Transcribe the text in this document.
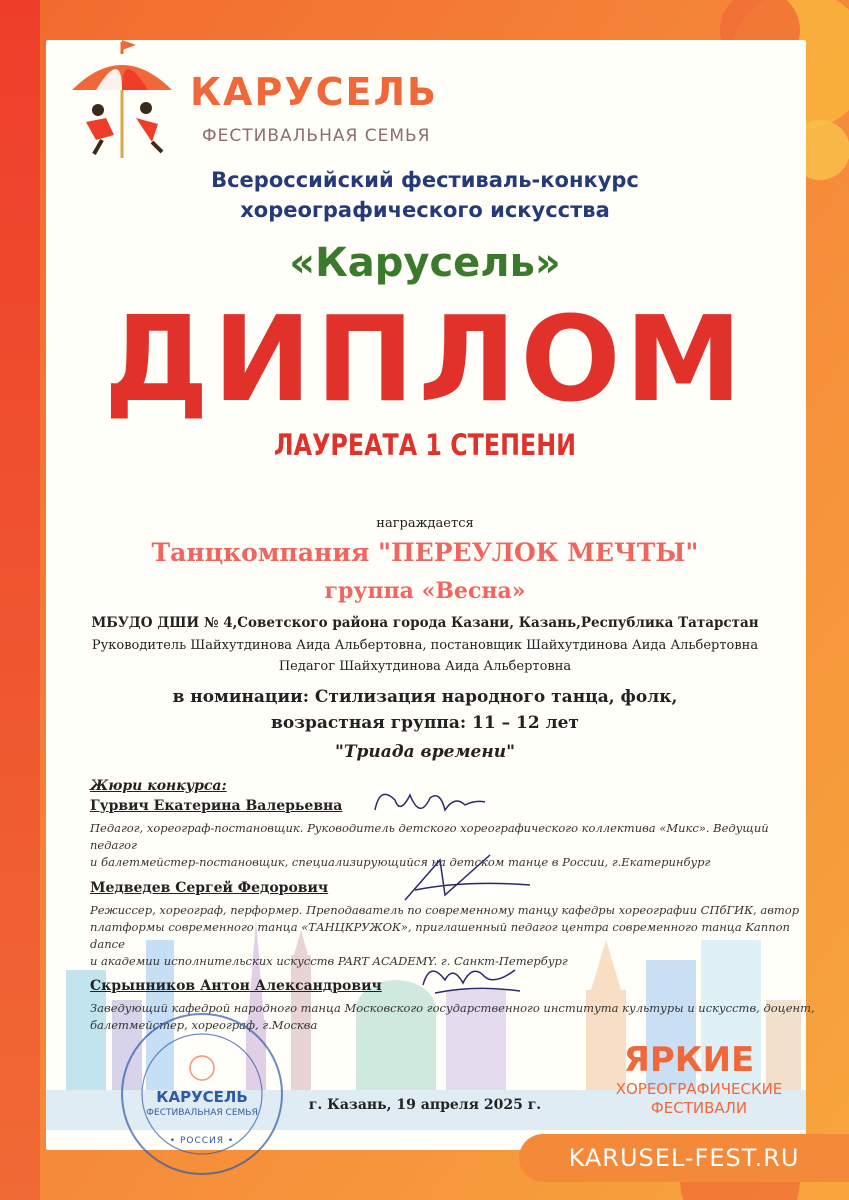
КАРУСЕЛЬ
ФЕСТИВАЛЬНАЯ СЕМЬЯ
Всероссийский фестиваль-конкурс
хореографического искусства
«Карусель»
ДИПЛОМ
ЛАУРЕАТА 1 СТЕПЕНИ
награждается
Танцкомпания "ПЕРЕУЛОК МЕЧТЫ"
группа «Весна»
МБУДО ДШИ № 4,Советского района города Казани, Казань,Республика Татарстан
Руководитель Шайхутдинова Аида Альбертовна, постановщик Шайхутдинова Аида Альбертовна
Педагог Шайхутдинова Аида Альбертовна
в номинации: Стилизация народного танца, фолк,
возрастная группа: 11 – 12 лет
"Триада времени"
Жюри конкурса:
Гурвич Екатерина Валерьевна
Педагог, хореограф-постановщик. Руководитель детского хореографического коллектива «Микс». Ведущий педагог
и балетмейстер-постановщик, специализирующийся на детском танце в России, г.Екатеринбург
Медведев Сергей Федорович
Режиссер, хореограф, перформер. Преподаватель по современному танцу кафедры хореографии СПбГИК, автор
платформы современного танца «ТАНЦКРУЖОК», приглашенный педагог центра современного танца Kannon dance
и академии исполнительских искусств PART ACADEMY. г. Санкт-Петербург
Скрынников Антон Александрович
Заведующий кафедрой народного танца Московского государственного института культуры и искусств, доцент,
балетмейстер, хореограф, г.Москва
г. Казань, 19 апреля 2025 г.
КАРУСЕЛЬ
ФЕСТИВАЛЬНАЯ СЕМЬЯ
• РОССИЯ •
ЯРКИЕ
ХОРЕОГРАФИЧЕСКИЕ
ФЕСТИВАЛИ
KARUSEL-FEST.RU
